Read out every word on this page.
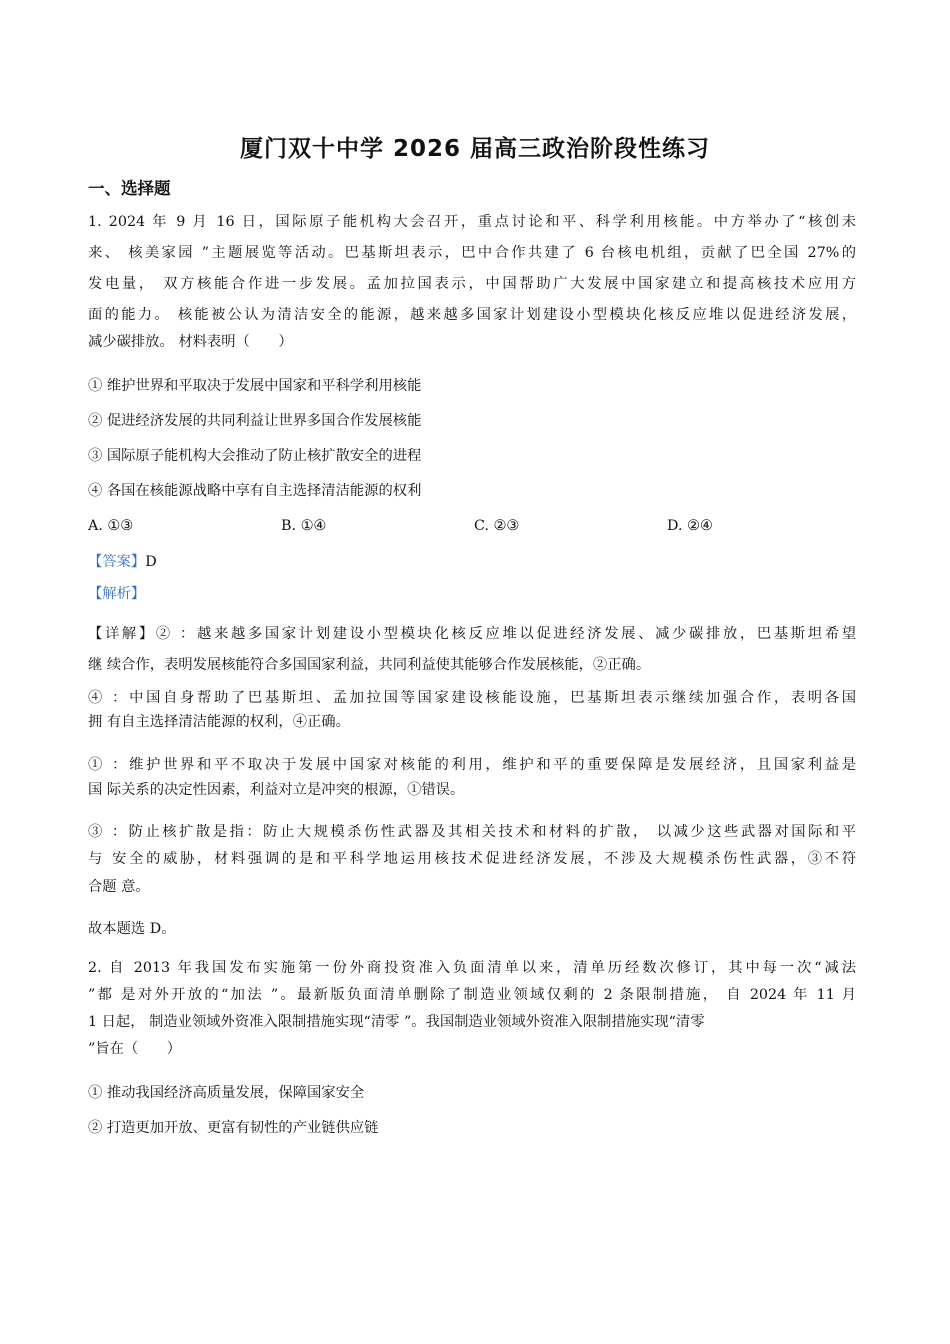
厦门双十中学 2026 届高三政治阶段性练习
一、选择题
1. 2024 年 9 月 16 日，国际原子能机构大会召开，重点讨论和平、科学利用核能。中方举办了“核创未
来、 核美家园 ”主题展览等活动。巴基斯坦表示，巴中合作共建了 6 台核电机组，贡献了巴全国 27%的
发电量， 双方核能合作进一步发展。孟加拉国表示，中国帮助广大发展中国家建立和提高核技术应用方
面的能力。 核能被公认为清洁安全的能源，越来越多国家计划建设小型模块化核反应堆以促进经济发展，
减少碳排放。 材料表明（　　）
① 维护世界和平取决于发展中国家和平科学利用核能
② 促进经济发展的共同利益让世界多国合作发展核能
③ 国际原子能机构大会推动了防止核扩散安全的进程
④ 各国在核能源战略中享有自主选择清洁能源的权利
A. ①③	B. ①④	C. ②③	D. ②④
【答案】D
【解析】
【详解】② ：越来越多国家计划建设小型模块化核反应堆以促进经济发展、减少碳排放，巴基斯坦希望
继 续合作，表明发展核能符合多国国家利益，共同利益使其能够合作发展核能，②正确。
④ ：中国自身帮助了巴基斯坦、孟加拉国等国家建设核能设施，巴基斯坦表示继续加强合作，表明各国
拥 有自主选择清洁能源的权利，④正确。
① ：维护世界和平不取决于发展中国家对核能的利用，维护和平的重要保障是发展经济，且国家利益是
国 际关系的决定性因素，利益对立是冲突的根源，①错误。
③ ：防止核扩散是指：防止大规模杀伤性武器及其相关技术和材料的扩散， 以减少这些武器对国际和平
与 安全的威胁，材料强调的是和平科学地运用核技术促进经济发展，不涉及大规模杀伤性武器，③不符
合题 意。
故本题选 D。
2. 自 2013 年我国发布实施第一份外商投资准入负面清单以来，清单历经数次修订，其中每一次“减法
”都 是对外开放的“加法 ”。最新版负面清单删除了制造业领域仅剩的 2 条限制措施， 自 2024 年 11 月
1 日起， 制造业领域外资准入限制措施实现“清零 ”。我国制造业领域外资准入限制措施实现“清零
”旨在（　　）
① 推动我国经济高质量发展，保障国家安全
② 打造更加开放、更富有韧性的产业链供应链
